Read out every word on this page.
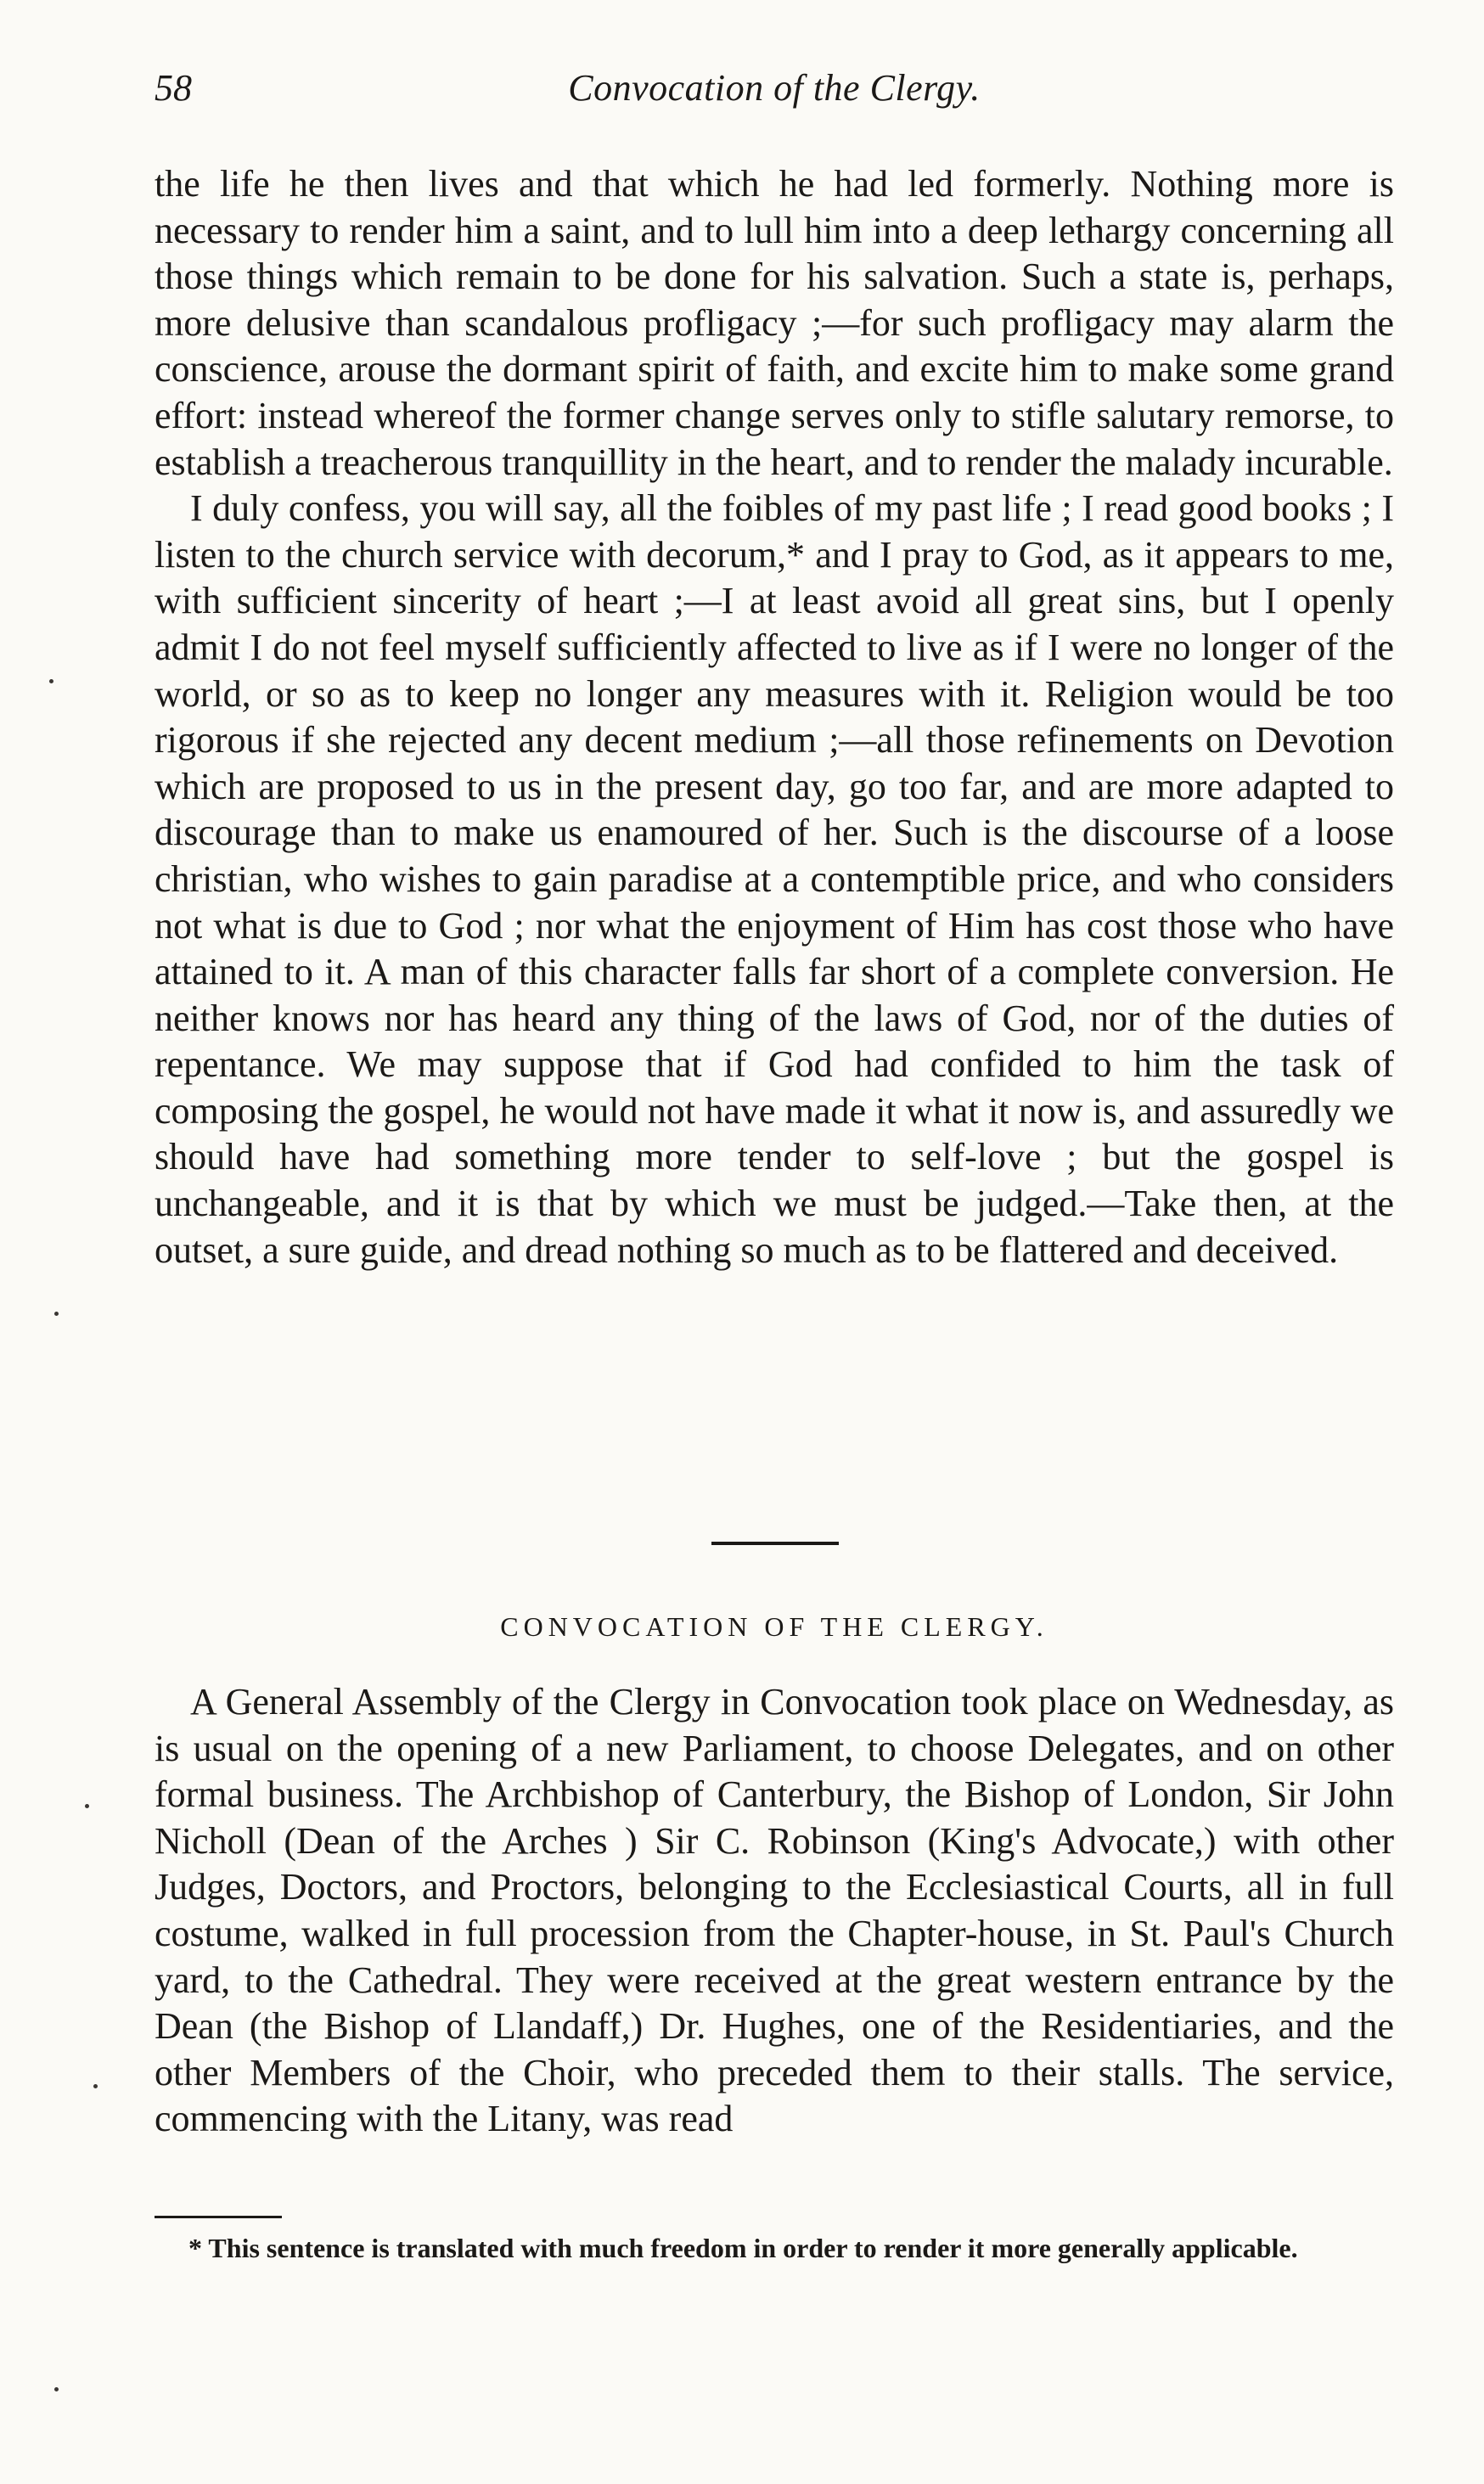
58	Convocation of the Clergy.

the life he then lives and that which he had led formerly. Nothing more is necessary to render him a saint, and to lull him into a deep lethargy concerning all those things which remain to be done for his salvation. Such a state is, perhaps, more delusive than scandalous profligacy ;—for such profligacy may alarm the conscience, arouse the dormant spirit of faith, and excite him to make some grand effort: instead whereof the former change serves only to stifle salutary remorse, to establish a treacherous tranquillity in the heart, and to render the malady incurable.

I duly confess, you will say, all the foibles of my past life ; I read good books ; I listen to the church service with decorum,* and I pray to God, as it appears to me, with sufficient sincerity of heart ;—I at least avoid all great sins, but I openly admit I do not feel myself sufficiently affected to live as if I were no longer of the world, or so as to keep no longer any measures with it. Religion would be too rigorous if she rejected any decent medium ;—all those refinements on Devotion which are proposed to us in the present day, go too far, and are more adapted to discourage than to make us enamoured of her. Such is the discourse of a loose christian, who wishes to gain paradise at a contemptible price, and who considers not what is due to God ; nor what the enjoyment of Him has cost those who have attained to it. A man of this character falls far short of a complete conversion. He neither knows nor has heard any thing of the laws of God, nor of the duties of repentance. We may suppose that if God had confided to him the task of composing the gospel, he would not have made it what it now is, and assuredly we should have had something more tender to self-love ; but the gospel is unchangeable, and it is that by which we must be judged.—Take then, at the outset, a sure guide, and dread nothing so much as to be flattered and deceived.

CONVOCATION OF THE CLERGY.

A General Assembly of the Clergy in Convocation took place on Wednesday, as is usual on the opening of a new Parliament, to choose Delegates, and on other formal business. The Archbishop of Canterbury, the Bishop of London, Sir John Nicholl (Dean of the Arches ) Sir C. Robinson (King's Advocate,) with other Judges, Doctors, and Proctors, belonging to the Ecclesiastical Courts, all in full costume, walked in full procession from the Chapter-house, in St. Paul's Church yard, to the Cathedral. They were received at the great western entrance by the Dean (the Bishop of Llandaff,) Dr. Hughes, one of the Residentiaries, and the other Members of the Choir, who preceded them to their stalls. The service, commencing with the Litany, was read

* This sentence is translated with much freedom in order to render it more generally applicable.
